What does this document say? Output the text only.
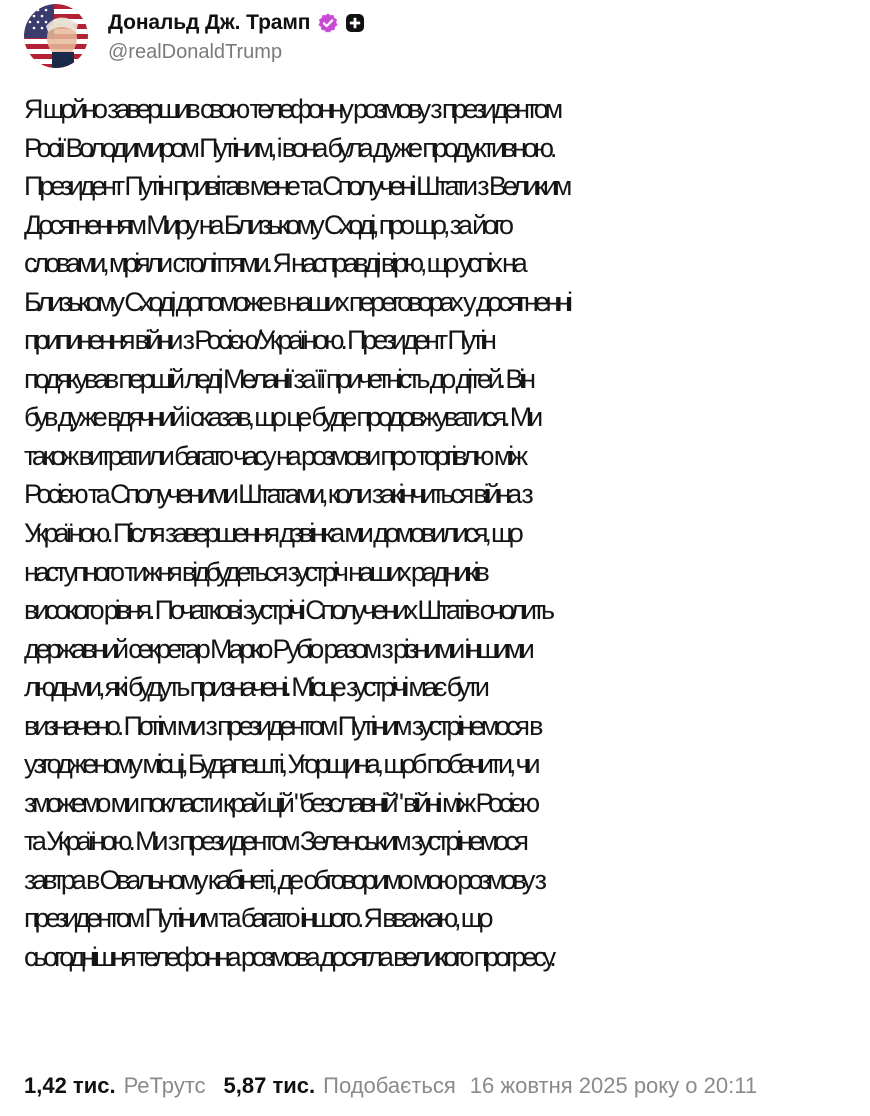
Донал​ьд Дж. Трамп
@realDonaldTrump
Я щойно завершив свою телефонну розмову з президентом
Росії Володимиром Путіним, і вона була дуже продуктивною.
Президент Путін привітав мене та Сполучені Штати з Великим
Досягненням Миру на Близькому Сході, про що, за його
словами, мріяли століттями. Я насправді вірю, що успіх на
Близькому Сході допоможе в наших переговорах у досягненні
припинення війни з Росією/Україною. Президент Путін
подякував першій леді Меланії за її причетність до дітей. Він
був дуже вдячний і сказав, що це буде продовжуватися. Ми
також витратили багато часу на розмови про торгівлю між
Росією та Сполученими Штатами, коли закінчиться війна з
Україною. Після завершення дзвінка ми домовилися, що
наступного тижня відбудеться зустріч наших радників
високого рівня. Початкові зустрічі Сполучених Штатів очолить
державний секретар Марко Рубіо разом з різними іншими
людьми, які будуть призначені. Місце зустрічі має бути
визначено. Потім ми з президентом Путіним зустрінемося в
узгодженому місці, Будапешті, Угорщина, щоб побачити, чи
зможемо ми покласти край цій "безславній" війні між Росією
та Україною. Ми з президентом Зеленським зустрінемося
завтра в Овальному кабінеті, де обговоримо мою розмову з
президентом Путіним та багато іншого. Я вважаю, що
сьогоднішня телефонна розмова досягла великого прогресу.
1,42 тис. РеТрутс 5,87 тис. Подобається 16 жовтня 2025 року о 20:11
